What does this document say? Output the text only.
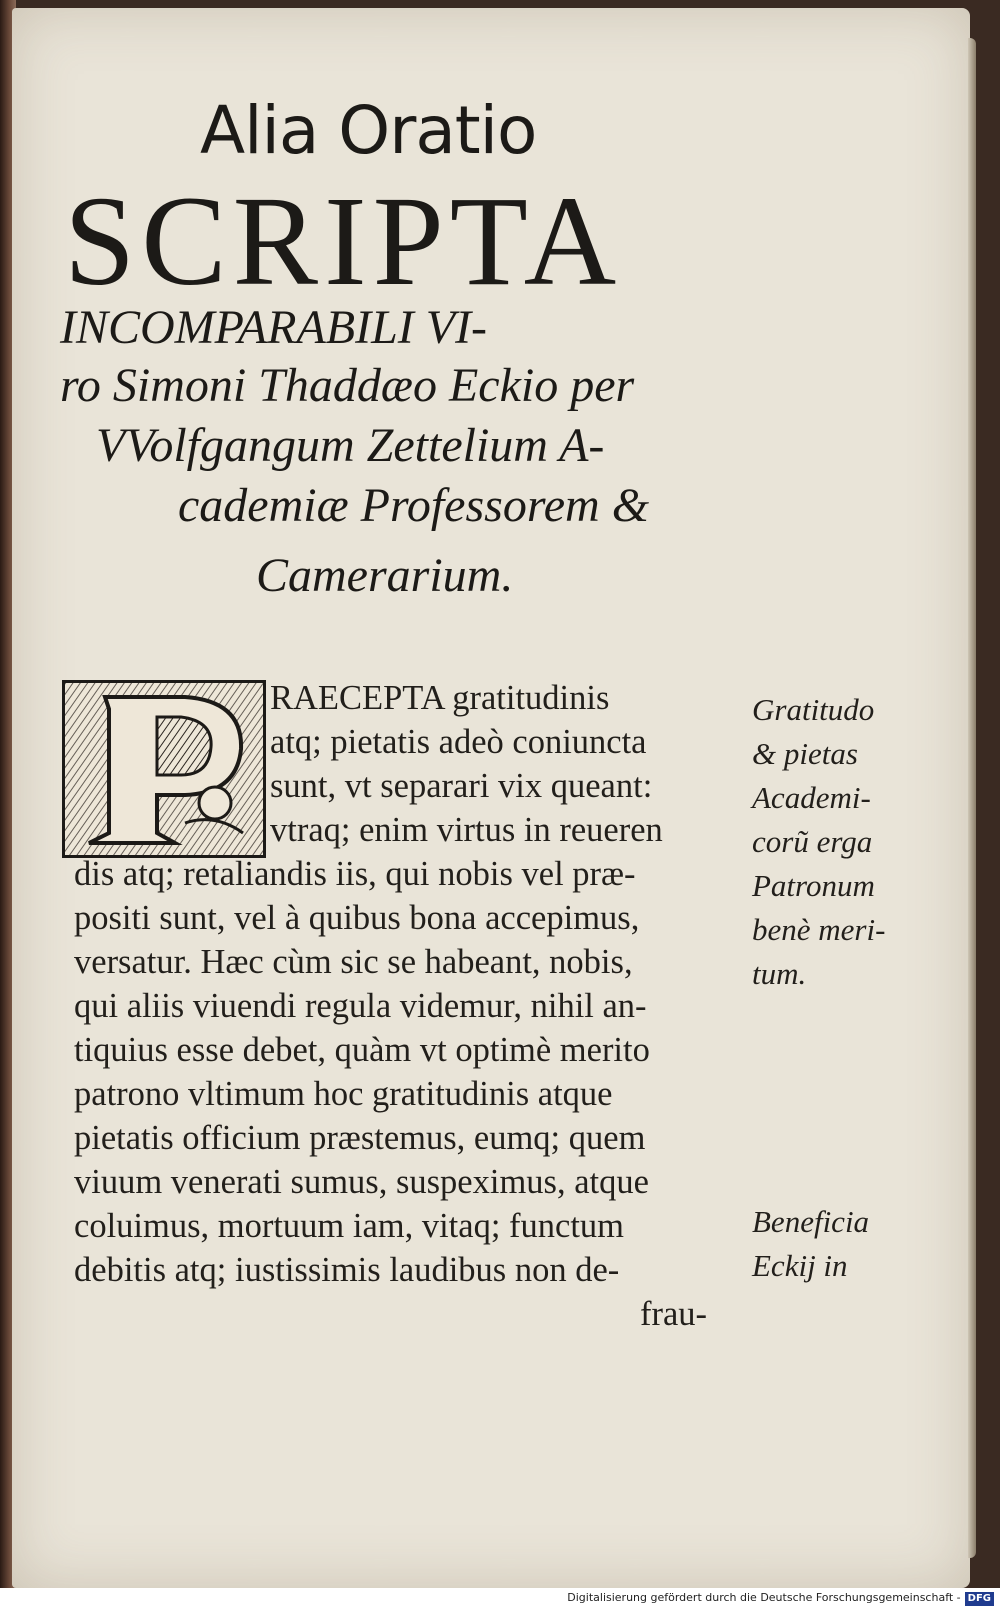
Alia Oratio
SCRIPTA
INCOMPARABILI VI-
ro Simoni Thaddæo Eckio per
VVolfgangum Zettelium A-
cademiæ Professorem &
Camerarium.
RAECEPTA gratitudinis
atq; pietatis adeò coniuncta
sunt, vt separari vix queant:
vtraq; enim virtus in reueren
dis atq; retaliandis iis, qui nobis vel præ-
positi sunt, vel à quibus bona accepimus,
versatur. Hæc cùm sic se habeant, nobis,
qui aliis viuendi regula videmur, nihil an-
tiquius esse debet, quàm vt optimè merito
patrono vltimum hoc gratitudinis atque
pietatis officium præstemus, eumq; quem
viuum venerati sumus, suspeximus, atque
coluimus, mortuum iam, vitaq; functum
debitis atq; iustissimis laudibus non de-
frau-
Gratitudo
& pietas
Academi-
corũ erga
Patronum
benè meri-
tum.
Beneficia
Eckij in
Digitalisierung gefördert durch die Deutsche Forschungsgemeinschaft - DFG
